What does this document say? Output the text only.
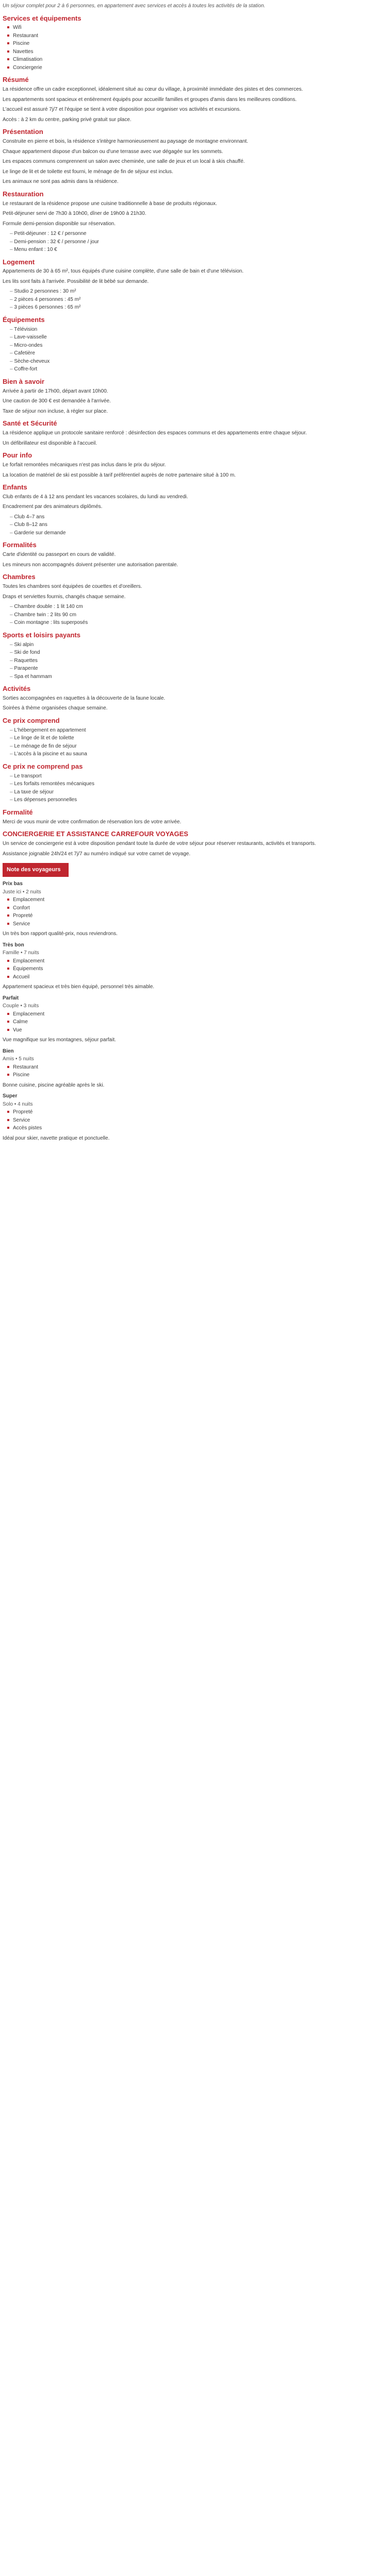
Un séjour complet pour 2 à 6 personnes, en appartement avec services et accès à toutes les activités de la station.

Services et équipements
Wifi
Restaurant
Piscine
Navettes
Climatisation
Conciergerie
Résumé

La résidence offre un cadre exceptionnel, idéalement situé au cœur du village, à proximité immédiate des pistes et des commerces.

Les appartements sont spacieux et entièrement équipés pour accueillir familles et groupes d'amis dans les meilleures conditions.

L'accueil est assuré 7j/7 et l'équipe se tient à votre disposition pour organiser vos activités et excursions.

Accès : à 2 km du centre, parking privé gratuit sur place.

Présentation

Construite en pierre et bois, la résidence s'intègre harmonieusement au paysage de montagne environnant.

Chaque appartement dispose d'un balcon ou d'une terrasse avec vue dégagée sur les sommets.

Les espaces communs comprennent un salon avec cheminée, une salle de jeux et un local à skis chauffé.

Le linge de lit et de toilette est fourni, le ménage de fin de séjour est inclus.

Les animaux ne sont pas admis dans la résidence.

Restauration

Le restaurant de la résidence propose une cuisine traditionnelle à base de produits régionaux.

Petit-déjeuner servi de 7h30 à 10h00, dîner de 19h00 à 21h30.

Formule demi-pension disponible sur réservation.

– Petit-déjeuner : 12 € / personne
– Demi-pension : 32 € / personne / jour
– Menu enfant : 10 €
Logement

Appartements de 30 à 65 m², tous équipés d'une cuisine complète, d'une salle de bain et d'une télévision.

Les lits sont faits à l'arrivée. Possibilité de lit bébé sur demande.

– Studio 2 personnes : 30 m²
– 2 pièces 4 personnes : 45 m²
– 3 pièces 6 personnes : 65 m²
Équipements
– Télévision
– Lave-vaisselle
– Micro-ondes
– Cafetière
– Sèche-cheveux
– Coffre-fort
Bien à savoir

Arrivée à partir de 17h00, départ avant 10h00.

Une caution de 300 € est demandée à l'arrivée.

Taxe de séjour non incluse, à régler sur place.

Santé et Sécurité

La résidence applique un protocole sanitaire renforcé : désinfection des espaces communs et des appartements entre chaque séjour.

Un défibrillateur est disponible à l'accueil.

Pour info

Le forfait remontées mécaniques n'est pas inclus dans le prix du séjour.

La location de matériel de ski est possible à tarif préférentiel auprès de notre partenaire situé à 100 m.

Enfants

Club enfants de 4 à 12 ans pendant les vacances scolaires, du lundi au vendredi.

Encadrement par des animateurs diplômés.

– Club 4–7 ans
– Club 8–12 ans
– Garderie sur demande
Formalités

Carte d'identité ou passeport en cours de validité.

Les mineurs non accompagnés doivent présenter une autorisation parentale.

Chambres

Toutes les chambres sont équipées de couettes et d'oreillers.

Draps et serviettes fournis, changés chaque semaine.

– Chambre double : 1 lit 140 cm
– Chambre twin : 2 lits 90 cm
– Coin montagne : lits superposés
Sports et loisirs payants
– Ski alpin
– Ski de fond
– Raquettes
– Parapente
– Spa et hammam
Activités

Sorties accompagnées en raquettes à la découverte de la faune locale.

Soirées à thème organisées chaque semaine.

Ce prix comprend
– L'hébergement en appartement
– Le linge de lit et de toilette
– Le ménage de fin de séjour
– L'accès à la piscine et au sauna
Ce prix ne comprend pas
– Le transport
– Les forfaits remontées mécaniques
– La taxe de séjour
– Les dépenses personnelles
Formalité

Merci de vous munir de votre confirmation de réservation lors de votre arrivée.

CONCIERGERIE ET ASSISTANCE CARREFOUR VOYAGES

Un service de conciergerie est à votre disposition pendant toute la durée de votre séjour pour réserver restaurants, activités et transports.

Assistance joignable 24h/24 et 7j/7 au numéro indiqué sur votre carnet de voyage.

Note des voyageurs
Prix bas
Juste ici • 2 nuits
Emplacement
Confort
Propreté
Service

Un très bon rapport qualité-prix, nous reviendrons.

Très bon
Famille • 7 nuits
Emplacement
Équipements
Accueil

Appartement spacieux et très bien équipé, personnel très aimable.

Parfait
Couple • 3 nuits
Emplacement
Calme
Vue

Vue magnifique sur les montagnes, séjour parfait.

Bien
Amis • 5 nuits
Restaurant
Piscine

Bonne cuisine, piscine agréable après le ski.

Super
Solo • 4 nuits
Propreté
Service
Accès pistes

Idéal pour skier, navette pratique et ponctuelle.
